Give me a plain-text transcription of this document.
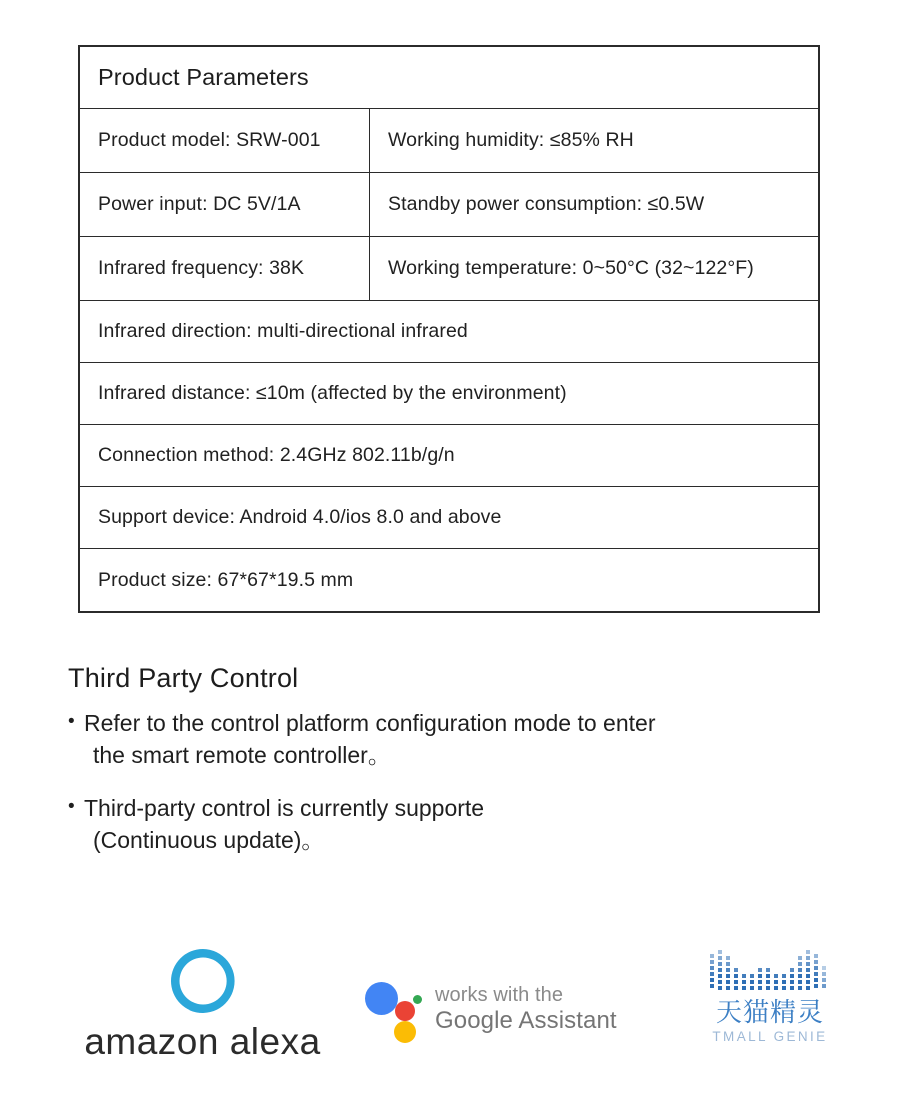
Product Parameters
Product model: SRW-001	Working humidity: ≤85% RH
Power input: DC 5V/1A	Standby power consumption: ≤0.5W
Infrared frequency: 38K	Working temperature: 0~50°C (32~122°F)
Infrared direction: multi-directional infrared
Infrared distance: ≤10m (affected by the environment)
Connection method: 2.4GHz 802.11b/g/n
Support device: Android 4.0/ios 8.0 and above
Product size: 67*67*19.5 mm
Third Party Control
• Refer to the control platform configuration mode to enter
the smart remote controller。
• Third-party control is currently supporte
(Continuous update)。
amazon alexa
works with the
Google Assistant	天猫精灵
TMALL GENIE
